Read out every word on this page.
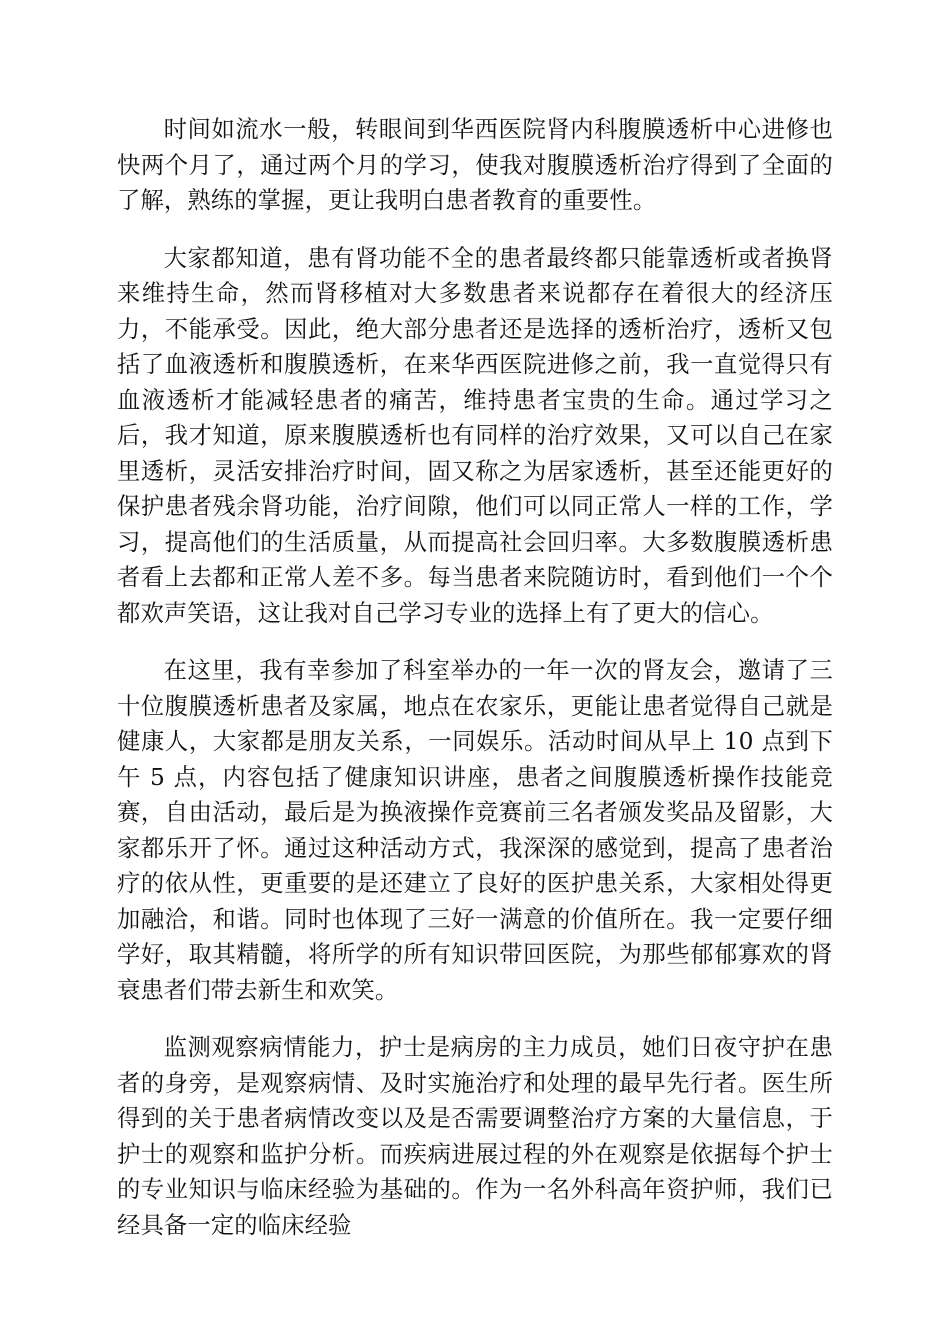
时间如流水一般，转眼间到华西医院肾内科腹膜透析中心进修也快两个月了，通过两个月的学习，使我对腹膜透析治疗得到了全面的了解，熟练的掌握，更让我明白患者教育的重要性。

大家都知道，患有肾功能不全的患者最终都只能靠透析或者换肾来维持生命，然而肾移植对大多数患者来说都存在着很大的经济压力，不能承受。因此，绝大部分患者还是选择的透析治疗，透析又包括了血液透析和腹膜透析，在来华西医院进修之前，我一直觉得只有血液透析才能减轻患者的痛苦，维持患者宝贵的生命。通过学习之后，我才知道，原来腹膜透析也有同样的治疗效果，又可以自己在家里透析，灵活安排治疗时间，固又称之为居家透析，甚至还能更好的保护患者残余肾功能，治疗间隙，他们可以同正常人一样的工作，学习，提高他们的生活质量，从而提高社会回归率。大多数腹膜透析患者看上去都和正常人差不多。每当患者来院随访时，看到他们一个个都欢声笑语，这让我对自己学习专业的选择上有了更大的信心。

在这里，我有幸参加了科室举办的一年一次的肾友会，邀请了三十位腹膜透析患者及家属，地点在农家乐，更能让患者觉得自己就是健康人，大家都是朋友关系，一同娱乐。活动时间从早上 10 点到下午 5 点，内容包括了健康知识讲座，患者之间腹膜透析操作技能竞赛，自由活动，最后是为换液操作竞赛前三名者颁发奖品及留影，大家都乐开了怀。通过这种活动方式，我深深的感觉到，提高了患者治疗的依从性，更重要的是还建立了良好的医护患关系，大家相处得更加融洽，和谐。同时也体现了三好一满意的价值所在。我一定要仔细学好，取其精髓，将所学的所有知识带回医院，为那些郁郁寡欢的肾衰患者们带去新生和欢笑。

监测观察病情能力，护士是病房的主力成员，她们日夜守护在患者的身旁，是观察病情、及时实施治疗和处理的最早先行者。医生所得到的关于患者病情改变以及是否需要调整治疗方案的大量信息，于护士的观察和监护分析。而疾病进展过程的外在观察是依据每个护士的专业知识与临床经验为基础的。作为一名外科高年资护师，我们已经具备一定的临床经验
